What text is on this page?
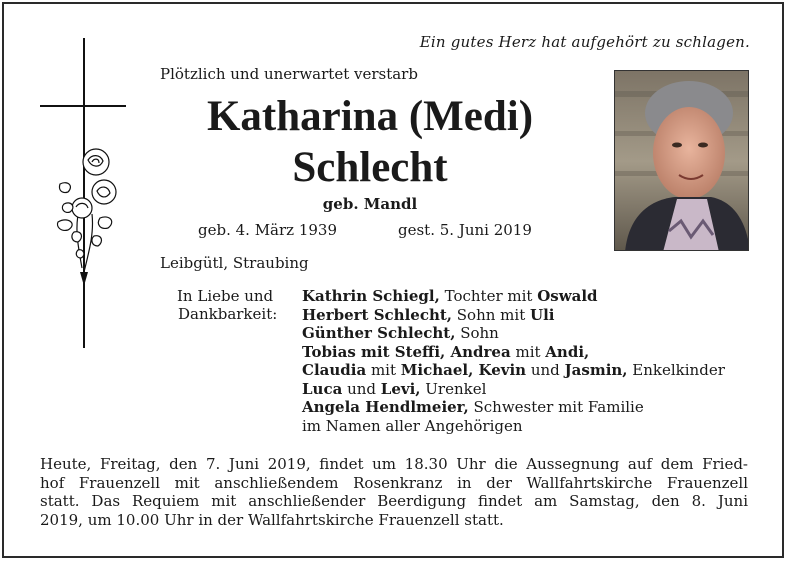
Ein gutes Herz hat aufgehört zu schlagen.
Plötzlich und unerwartet verstarb
Katharina (Medi)
Schlecht
geb. Mandl
geb. 4. März 1939	gest. 5. Juni 2019
Leibgütl, Straubing
In Liebe und
Dankbarkeit:
Kathrin Schiegl, Tochter mit Oswald
Herbert Schlecht, Sohn mit Uli
Günther Schlecht, Sohn
Tobias mit Steffi, Andrea mit Andi,
Claudia mit Michael, Kevin und Jasmin, Enkelkinder
Luca und Levi, Urenkel
Angela Hendlmeier, Schwester mit Familie
im Namen aller Angehörigen
Heute, Freitag, den 7. Juni 2019, findet um 18.30 Uhr die Aussegnung auf dem Fried-
hof Frauenzell mit anschließendem Rosenkranz in der Wallfahrtskirche Frauenzell
statt. Das Requiem mit anschließender Beerdigung findet am Samstag, den 8. Juni
2019, um 10.00 Uhr in der Wallfahrtskirche Frauenzell statt.
